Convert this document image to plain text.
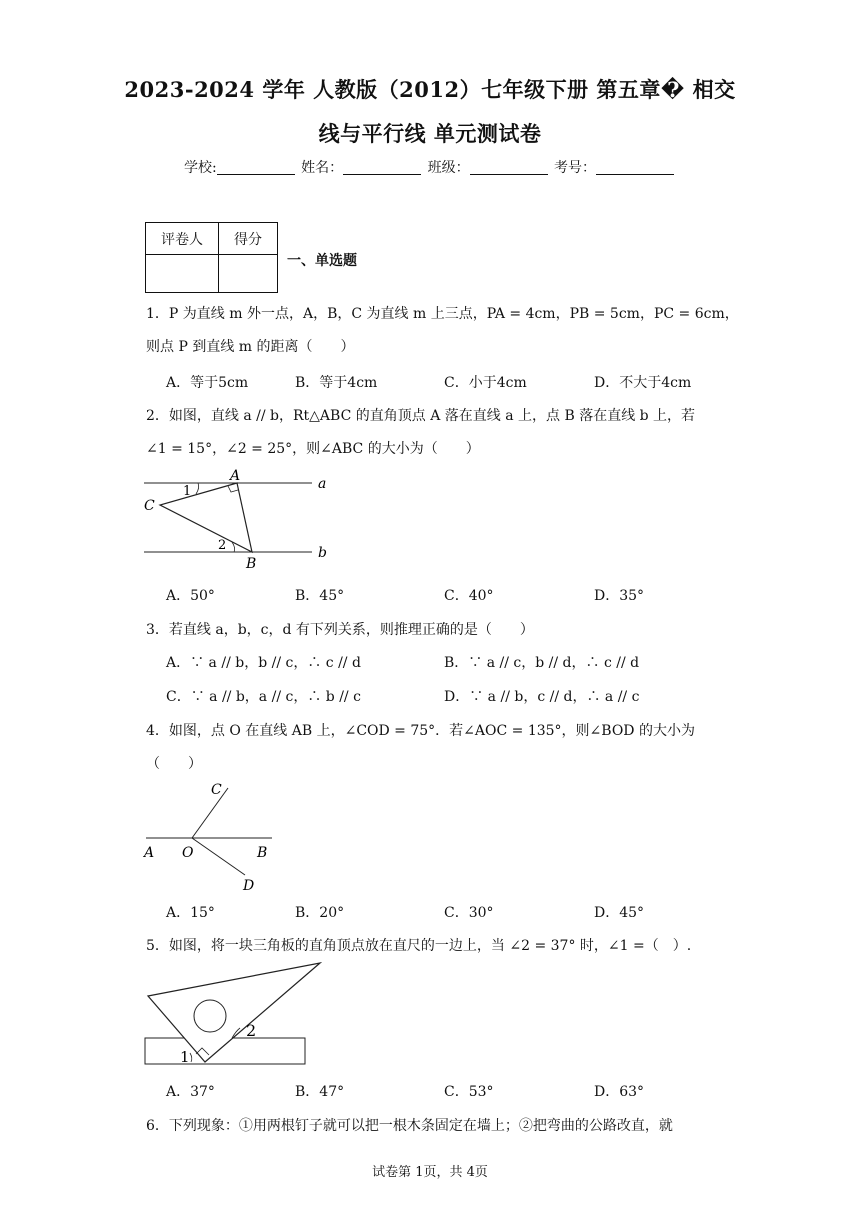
2023-2024 学年 人教版（2012）七年级下册 第五章� 相交
线与平行线 单元测试卷
学校:	姓名：	班级：	考号：
评卷人	得分

一、单选题
1．P 为直线 m 外一点，A，B，C 为直线 m 上三点，PA = 4cm，PB = 5cm，PC = 6cm，
则点 P 到直线 m 的距离（　　）
A．等于5cm	B．等于4cm	C．小于4cm	D．不大于4cm
2．如图，直线 a // b，Rt△ABC 的直角顶点 A 落在直线 a 上，点 B 落在直线 b 上，若
∠1 = 15°，∠2 = 25°，则∠ABC 的大小为（　　）
a
b
A
B
C
1
2
A．50°	B．45°	C．40°	D．35°
3．若直线 a，b，c，d 有下列关系，则推理正确的是（　　）
A．∵ a // b，b // c，∴ c // d	B．∵ a // c，b // d，∴ c // d
C．∵ a // b，a // c，∴ b // c	D．∵ a // b，c // d，∴ a // c
4．如图，点 O 在直线 AB 上，∠COD = 75°．若∠AOC = 135°，则∠BOD 的大小为
（　　）
A O	B
C
D
A．15°	B．20°	C．30°	D．45°
5．如图，将一块三角板的直角顶点放在直尺的一边上，当 ∠2 = 37° 时，∠1 =（　）.
2
1
A．37°	B．47°	C．53°	D．63°
6．下列现象：①用两根钉子就可以把一根木条固定在墙上；②把弯曲的公路改直，就
试卷第 1页，共 4页
